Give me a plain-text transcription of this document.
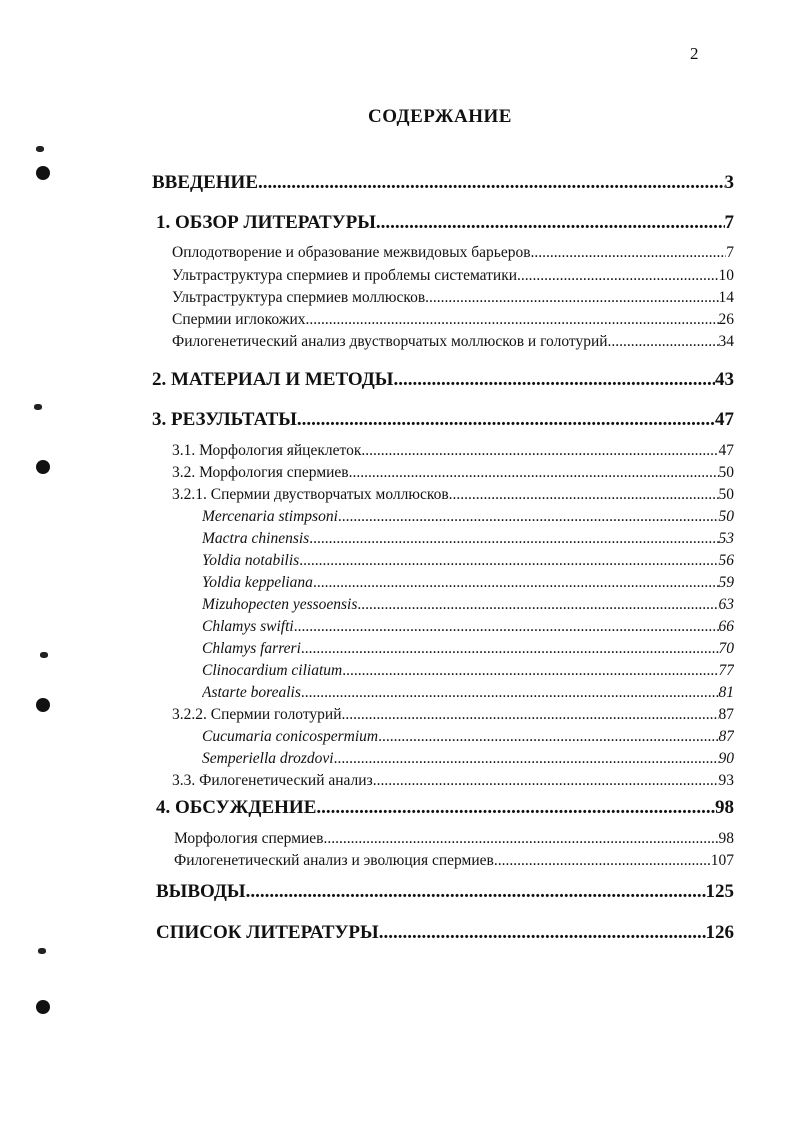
2
СОДЕРЖАНИЕ
ВВЕДЕНИЕ .....	3
1. ОБЗОР ЛИТЕРАТУРЫ .....	7
Оплодотворение и образование межвидовых барьеров .....	7
Ультраструктура спермиев и проблемы систематики .....	10
Ультраструктура спермиев моллюсков .....	14
Спермии иглокожих .....	26
Филогенетический анализ двустворчатых моллюсков и голотурий. .....	34
2. МАТЕРИАЛ И МЕТОДЫ .....	43
3. РЕЗУЛЬТАТЫ .....	47
3.1. Морфология яйцеклеток .....	47
3.2. Морфология спермиев .....	50
3.2.1. Спермии двустворчатых моллюсков .....	50
Mercenaria stimpsoni .....	50
Mactra chinensis .....	53
Yoldia notabilis .....	56
Yoldia keppeliana .....	59
Mizuhopecten yessoensis .....	63
Chlamys swifti .....	66
Chlamys farreri .....	70
Clinocardium ciliatum .....	77
Astarte borealis .....	81
3.2.2. Спермии голотурий .....	87
Cucumaria conicospermium .....	87
Semperiella drozdovi .....	90
3.3. Филогенетический анализ .....	93
4. ОБСУЖДЕНИЕ .....	98
Морфология спермиев .....	98
Филогенетический анализ и эволюция спермиев .....	107
ВЫВОДЫ .....	125
СПИСОК ЛИТЕРАТУРЫ .....	126
